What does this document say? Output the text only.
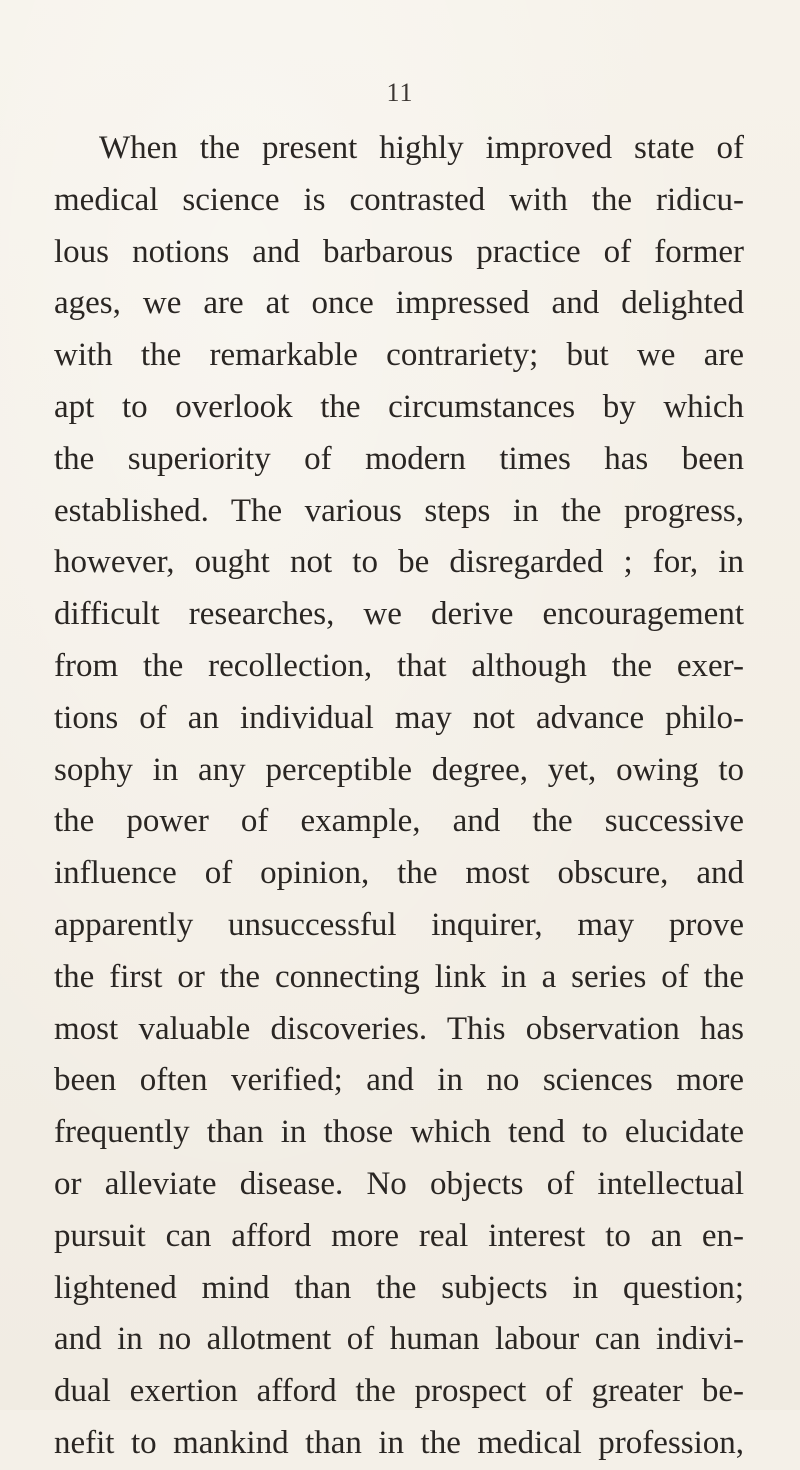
11
When the present highly improved state of
medical science is contrasted with the ridicu-
lous notions and barbarous practice of former
ages, we are at once impressed and delighted
with the remarkable contrariety; but we are
apt to overlook the circumstances by which
the superiority of modern times has been
established. The various steps in the progress,
however, ought not to be disregarded ; for, in
difficult researches, we derive encouragement
from the recollection, that although the exer-
tions of an individual may not advance philo-
sophy in any perceptible degree, yet, owing to
the power of example, and the successive
influence of opinion, the most obscure, and
apparently unsuccessful inquirer, may prove
the first or the connecting link in a series of the
most valuable discoveries. This observation has
been often verified; and in no sciences more
frequently than in those which tend to elucidate
or alleviate disease. No objects of intellectual
pursuit can afford more real interest to an en-
lightened mind than the subjects in question;
and in no allotment of human labour can indivi-
dual exertion afford the prospect of greater be-
nefit to mankind than in the medical profession,
